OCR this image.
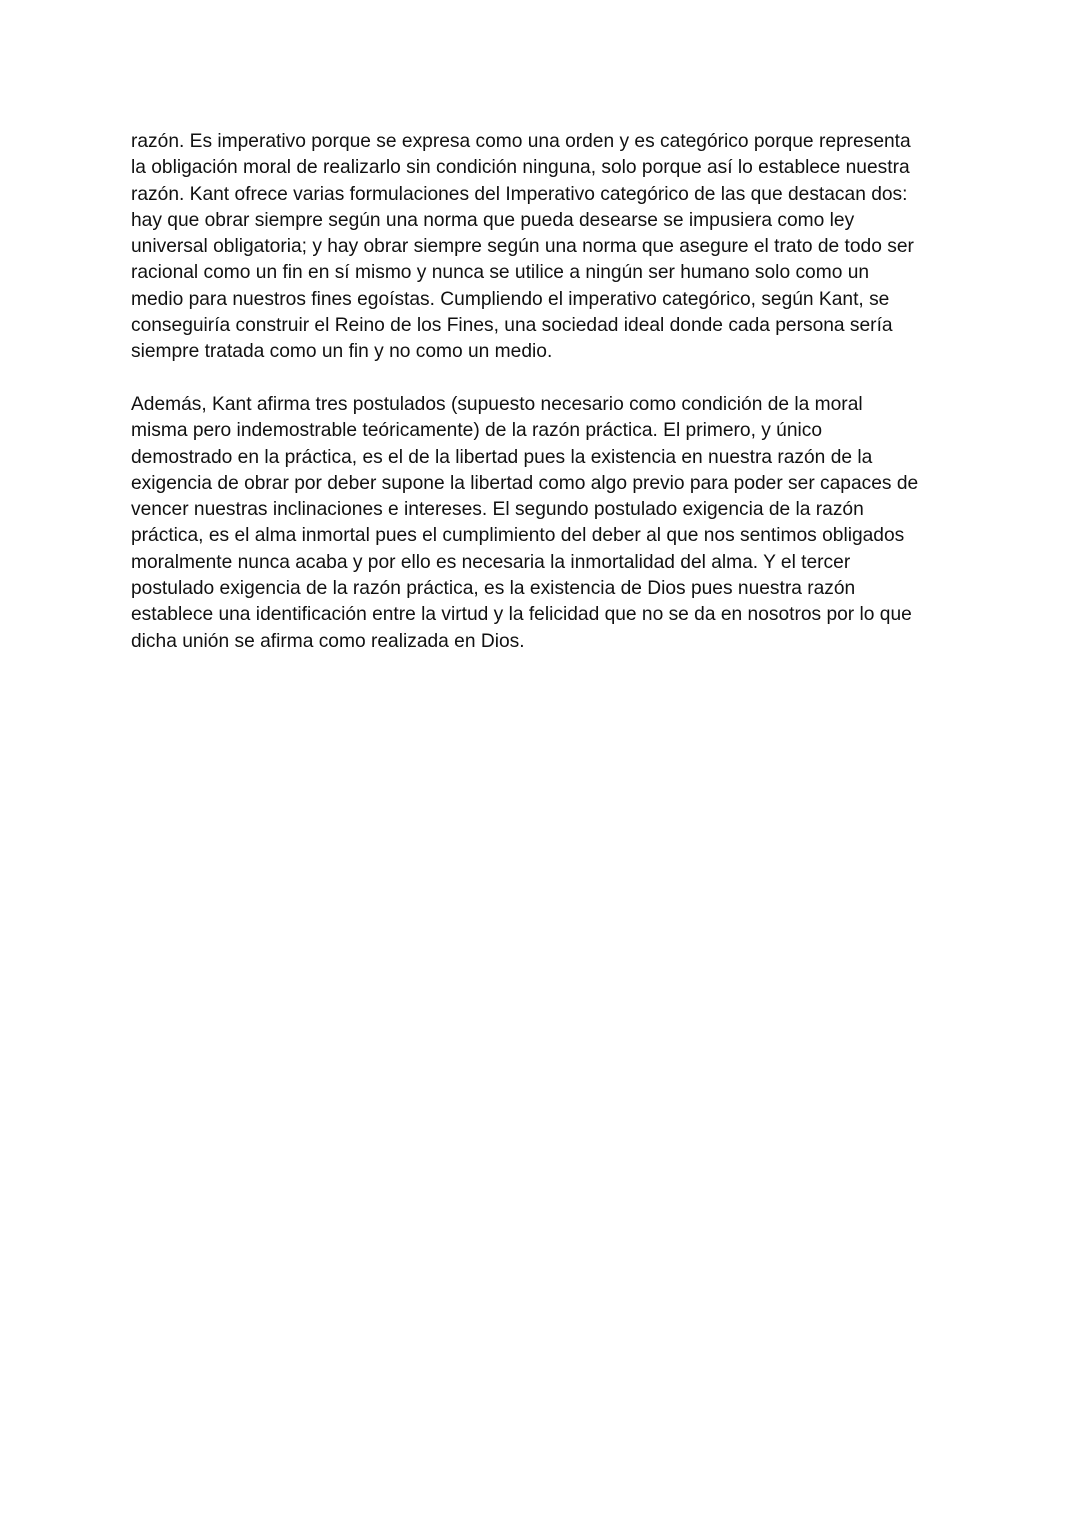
razón. Es imperativo porque se expresa como una orden y es categórico porque representa
la obligación moral de realizarlo sin condición ninguna, solo porque así lo establece nuestra
razón. Kant ofrece varias formulaciones del Imperativo categórico de las que destacan dos:
hay que obrar siempre según una norma que pueda desearse se impusiera como ley
universal obligatoria; y hay obrar siempre según una norma que asegure el trato de todo ser
racional como un fin en sí mismo y nunca se utilice a ningún ser humano solo como un
medio para nuestros fines egoístas. Cumpliendo el imperativo categórico, según Kant, se
conseguiría construir el Reino de los Fines, una sociedad ideal donde cada persona sería
siempre tratada como un fin y no como un medio.

Además, Kant afirma tres postulados (supuesto necesario como condición de la moral
misma pero indemostrable teóricamente) de la razón práctica. El primero, y único
demostrado en la práctica, es el de la libertad pues la existencia en nuestra razón de la
exigencia de obrar por deber supone la libertad como algo previo para poder ser capaces de
vencer nuestras inclinaciones e intereses. El segundo postulado exigencia de la razón
práctica, es el alma inmortal pues el cumplimiento del deber al que nos sentimos obligados
moralmente nunca acaba y por ello es necesaria la inmortalidad del alma. Y el tercer
postulado exigencia de la razón práctica, es la existencia de Dios pues nuestra razón
establece una identificación entre la virtud y la felicidad que no se da en nosotros por lo que
dicha unión se afirma como realizada en Dios.
